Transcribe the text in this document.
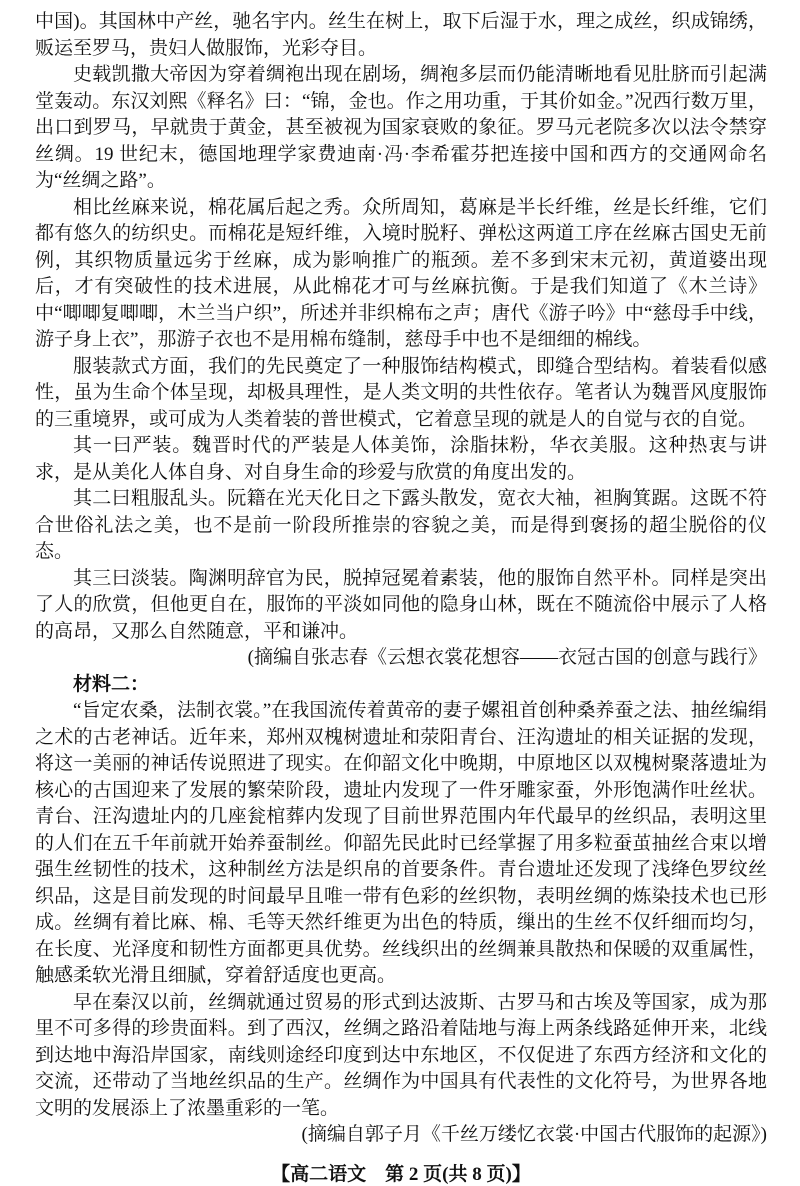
中国)。其国林中产丝，驰名宇内。丝生在树上，取下后湿于水，理之成丝，织成锦绣，贩运至罗马，贵妇人做服饰，光彩夺目。

史载凯撒大帝因为穿着绸袍出现在剧场，绸袍多层而仍能清晰地看见肚脐而引起满堂轰动。东汉刘熙《释名》曰：“锦，金也。作之用功重，于其价如金。”况西行数万里，出口到罗马，早就贵于黄金，甚至被视为国家衰败的象征。罗马元老院多次以法令禁穿丝绸。19 世纪末，德国地理学家费迪南·冯·李希霍芬把连接中国和西方的交通网命名为“丝绸之路”。

相比丝麻来说，棉花属后起之秀。众所周知，葛麻是半长纤维，丝是长纤维，它们都有悠久的纺织史。而棉花是短纤维，入境时脱籽、弹松这两道工序在丝麻古国史无前例，其织物质量远劣于丝麻，成为影响推广的瓶颈。差不多到宋末元初，黄道婆出现后，才有突破性的技术进展，从此棉花才可与丝麻抗衡。于是我们知道了《木兰诗》中“唧唧复唧唧，木兰当户织”，所述并非织棉布之声；唐代《游子吟》中“慈母手中线，游子身上衣”，那游子衣也不是用棉布缝制，慈母手中也不是细细的棉线。

服装款式方面，我们的先民奠定了一种服饰结构模式，即缝合型结构。着装看似感性，虽为生命个体呈现，却极具理性，是人类文明的共性依存。笔者认为魏晋风度服饰的三重境界，或可成为人类着装的普世模式，它着意呈现的就是人的自觉与衣的自觉。

其一曰严装。魏晋时代的严装是人体美饰，涂脂抹粉，华衣美服。这种热衷与讲求，是从美化人体自身、对自身生命的珍爱与欣赏的角度出发的。

其二曰粗服乱头。阮籍在光天化日之下露头散发，宽衣大袖，袒胸箕踞。这既不符合世俗礼法之美，也不是前一阶段所推崇的容貌之美，而是得到褒扬的超尘脱俗的仪态。

其三曰淡装。陶渊明辞官为民，脱掉冠冕着素装，他的服饰自然平朴。同样是突出了人的欣赏，但他更自在，服饰的平淡如同他的隐身山林，既在不随流俗中展示了人格的高昂，又那么自然随意，平和谦冲。

(摘编自张志春《云想衣裳花想容——衣冠古国的创意与践行》

材料二：

“旨定农桑，法制衣裳。”在我国流传着黄帝的妻子嫘祖首创种桑养蚕之法、抽丝编绢之术的古老神话。近年来，郑州双槐树遗址和荥阳青台、汪沟遗址的相关证据的发现，将这一美丽的神话传说照进了现实。在仰韶文化中晚期，中原地区以双槐树聚落遗址为核心的古国迎来了发展的繁荣阶段，遗址内发现了一件牙雕家蚕，外形饱满作吐丝状。青台、汪沟遗址内的几座瓮棺葬内发现了目前世界范围内年代最早的丝织品，表明这里的人们在五千年前就开始养蚕制丝。仰韶先民此时已经掌握了用多粒蚕茧抽丝合束以增强生丝韧性的技术，这种制丝方法是织帛的首要条件。青台遗址还发现了浅绛色罗纹丝织品，这是目前发现的时间最早且唯一带有色彩的丝织物，表明丝绸的炼染技术也已形成。丝绸有着比麻、棉、毛等天然纤维更为出色的特质，缫出的生丝不仅纤细而均匀，在长度、光泽度和韧性方面都更具优势。丝线织出的丝绸兼具散热和保暖的双重属性，触感柔软光滑且细腻，穿着舒适度也更高。

早在秦汉以前，丝绸就通过贸易的形式到达波斯、古罗马和古埃及等国家，成为那里不可多得的珍贵面料。到了西汉，丝绸之路沿着陆地与海上两条线路延伸开来，北线到达地中海沿岸国家，南线则途经印度到达中东地区，不仅促进了东西方经济和文化的交流，还带动了当地丝织品的生产。丝绸作为中国具有代表性的文化符号，为世界各地文明的发展添上了浓墨重彩的一笔。

(摘编自郭子月《千丝万缕忆衣裳·中国古代服饰的起源》)

【高二语文　第 2 页(共 8 页)】
